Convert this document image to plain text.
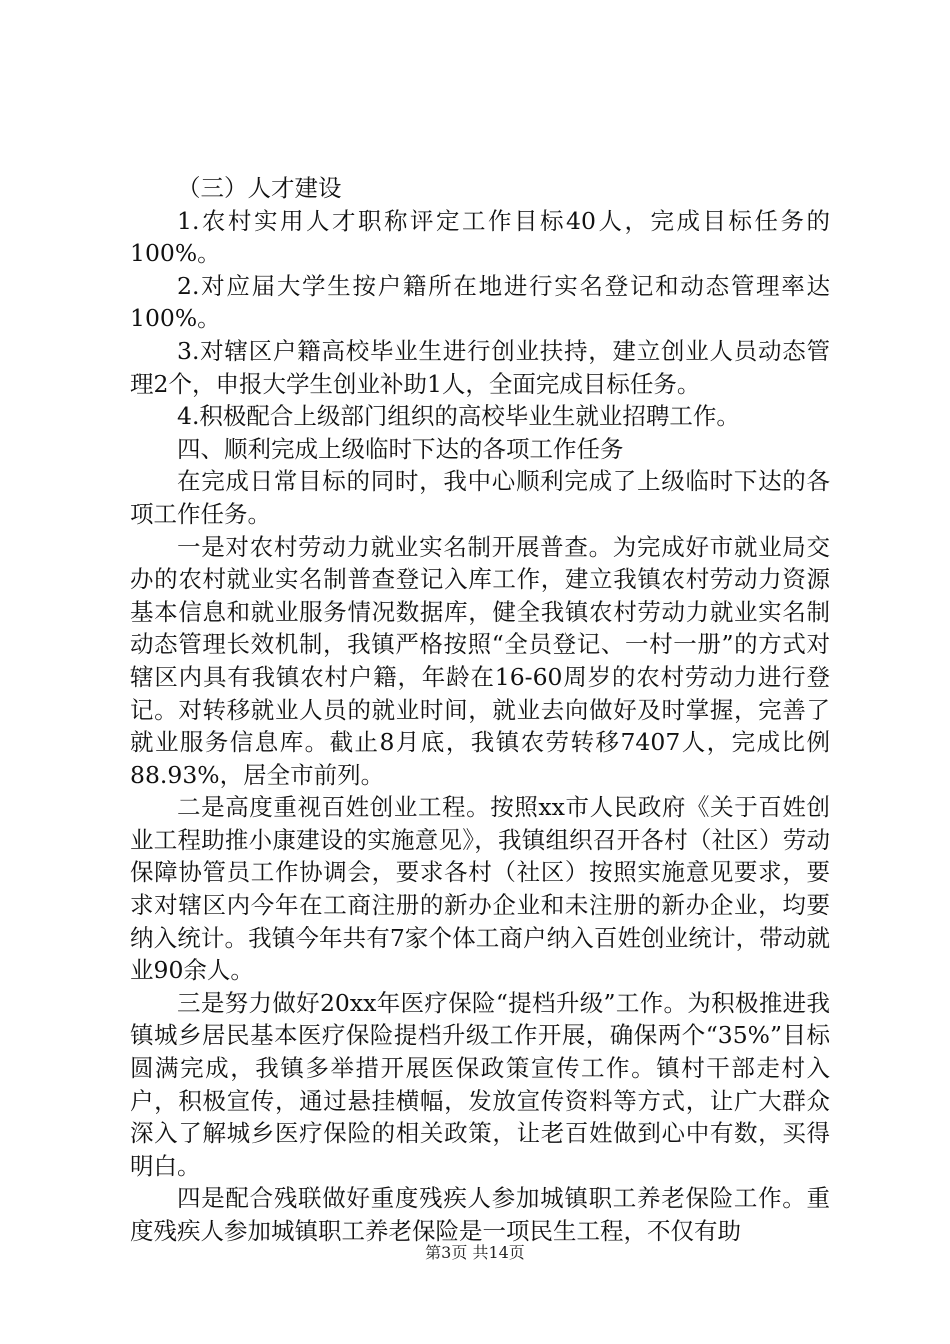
（三）人才建设

1.农村实用人才职称评定工作目标40人，完成目标任务的100%。

2.对应届大学生按户籍所在地进行实名登记和动态管理率达100%。

3.对辖区户籍高校毕业生进行创业扶持，建立创业人员动态管理2个，申报大学生创业补助1人，全面完成目标任务。

4.积极配合上级部门组织的高校毕业生就业招聘工作。

四、顺利完成上级临时下达的各项工作任务

在完成日常目标的同时，我中心顺利完成了上级临时下达的各项工作任务。

一是对农村劳动力就业实名制开展普查。为完成好市就业局交办的农村就业实名制普查登记入库工作，建立我镇农村劳动力资源基本信息和就业服务情况数据库，健全我镇农村劳动力就业实名制动态管理长效机制，我镇严格按照“全员登记、一村一册”的方式对辖区内具有我镇农村户籍，年龄在16-60周岁的农村劳动力进行登记。对转移就业人员的就业时间，就业去向做好及时掌握，完善了就业服务信息库。截止8月底，我镇农劳转移7407人，完成比例88.93%，居全市前列。

二是高度重视百姓创业工程。按照xx市人民政府《关于百姓创业工程助推小康建设的实施意见》，我镇组织召开各村（社区）劳动保障协管员工作协调会，要求各村（社区）按照实施意见要求，要求对辖区内今年在工商注册的新办企业和未注册的新办企业，均要纳入统计。我镇今年共有7家个体工商户纳入百姓创业统计，带动就业90余人。

三是努力做好20xx年医疗保险“提档升级”工作。为积极推进我镇城乡居民基本医疗保险提档升级工作开展，确保两个“35%”目标圆满完成，我镇多举措开展医保政策宣传工作。镇村干部走村入户，积极宣传，通过悬挂横幅，发放宣传资料等方式，让广大群众深入了解城乡医疗保险的相关政策，让老百姓做到心中有数，买得明白。

四是配合残联做好重度残疾人参加城镇职工养老保险工作。重度残疾人参加城镇职工养老保险是一项民生工程，不仅有助

第3页 共14页
